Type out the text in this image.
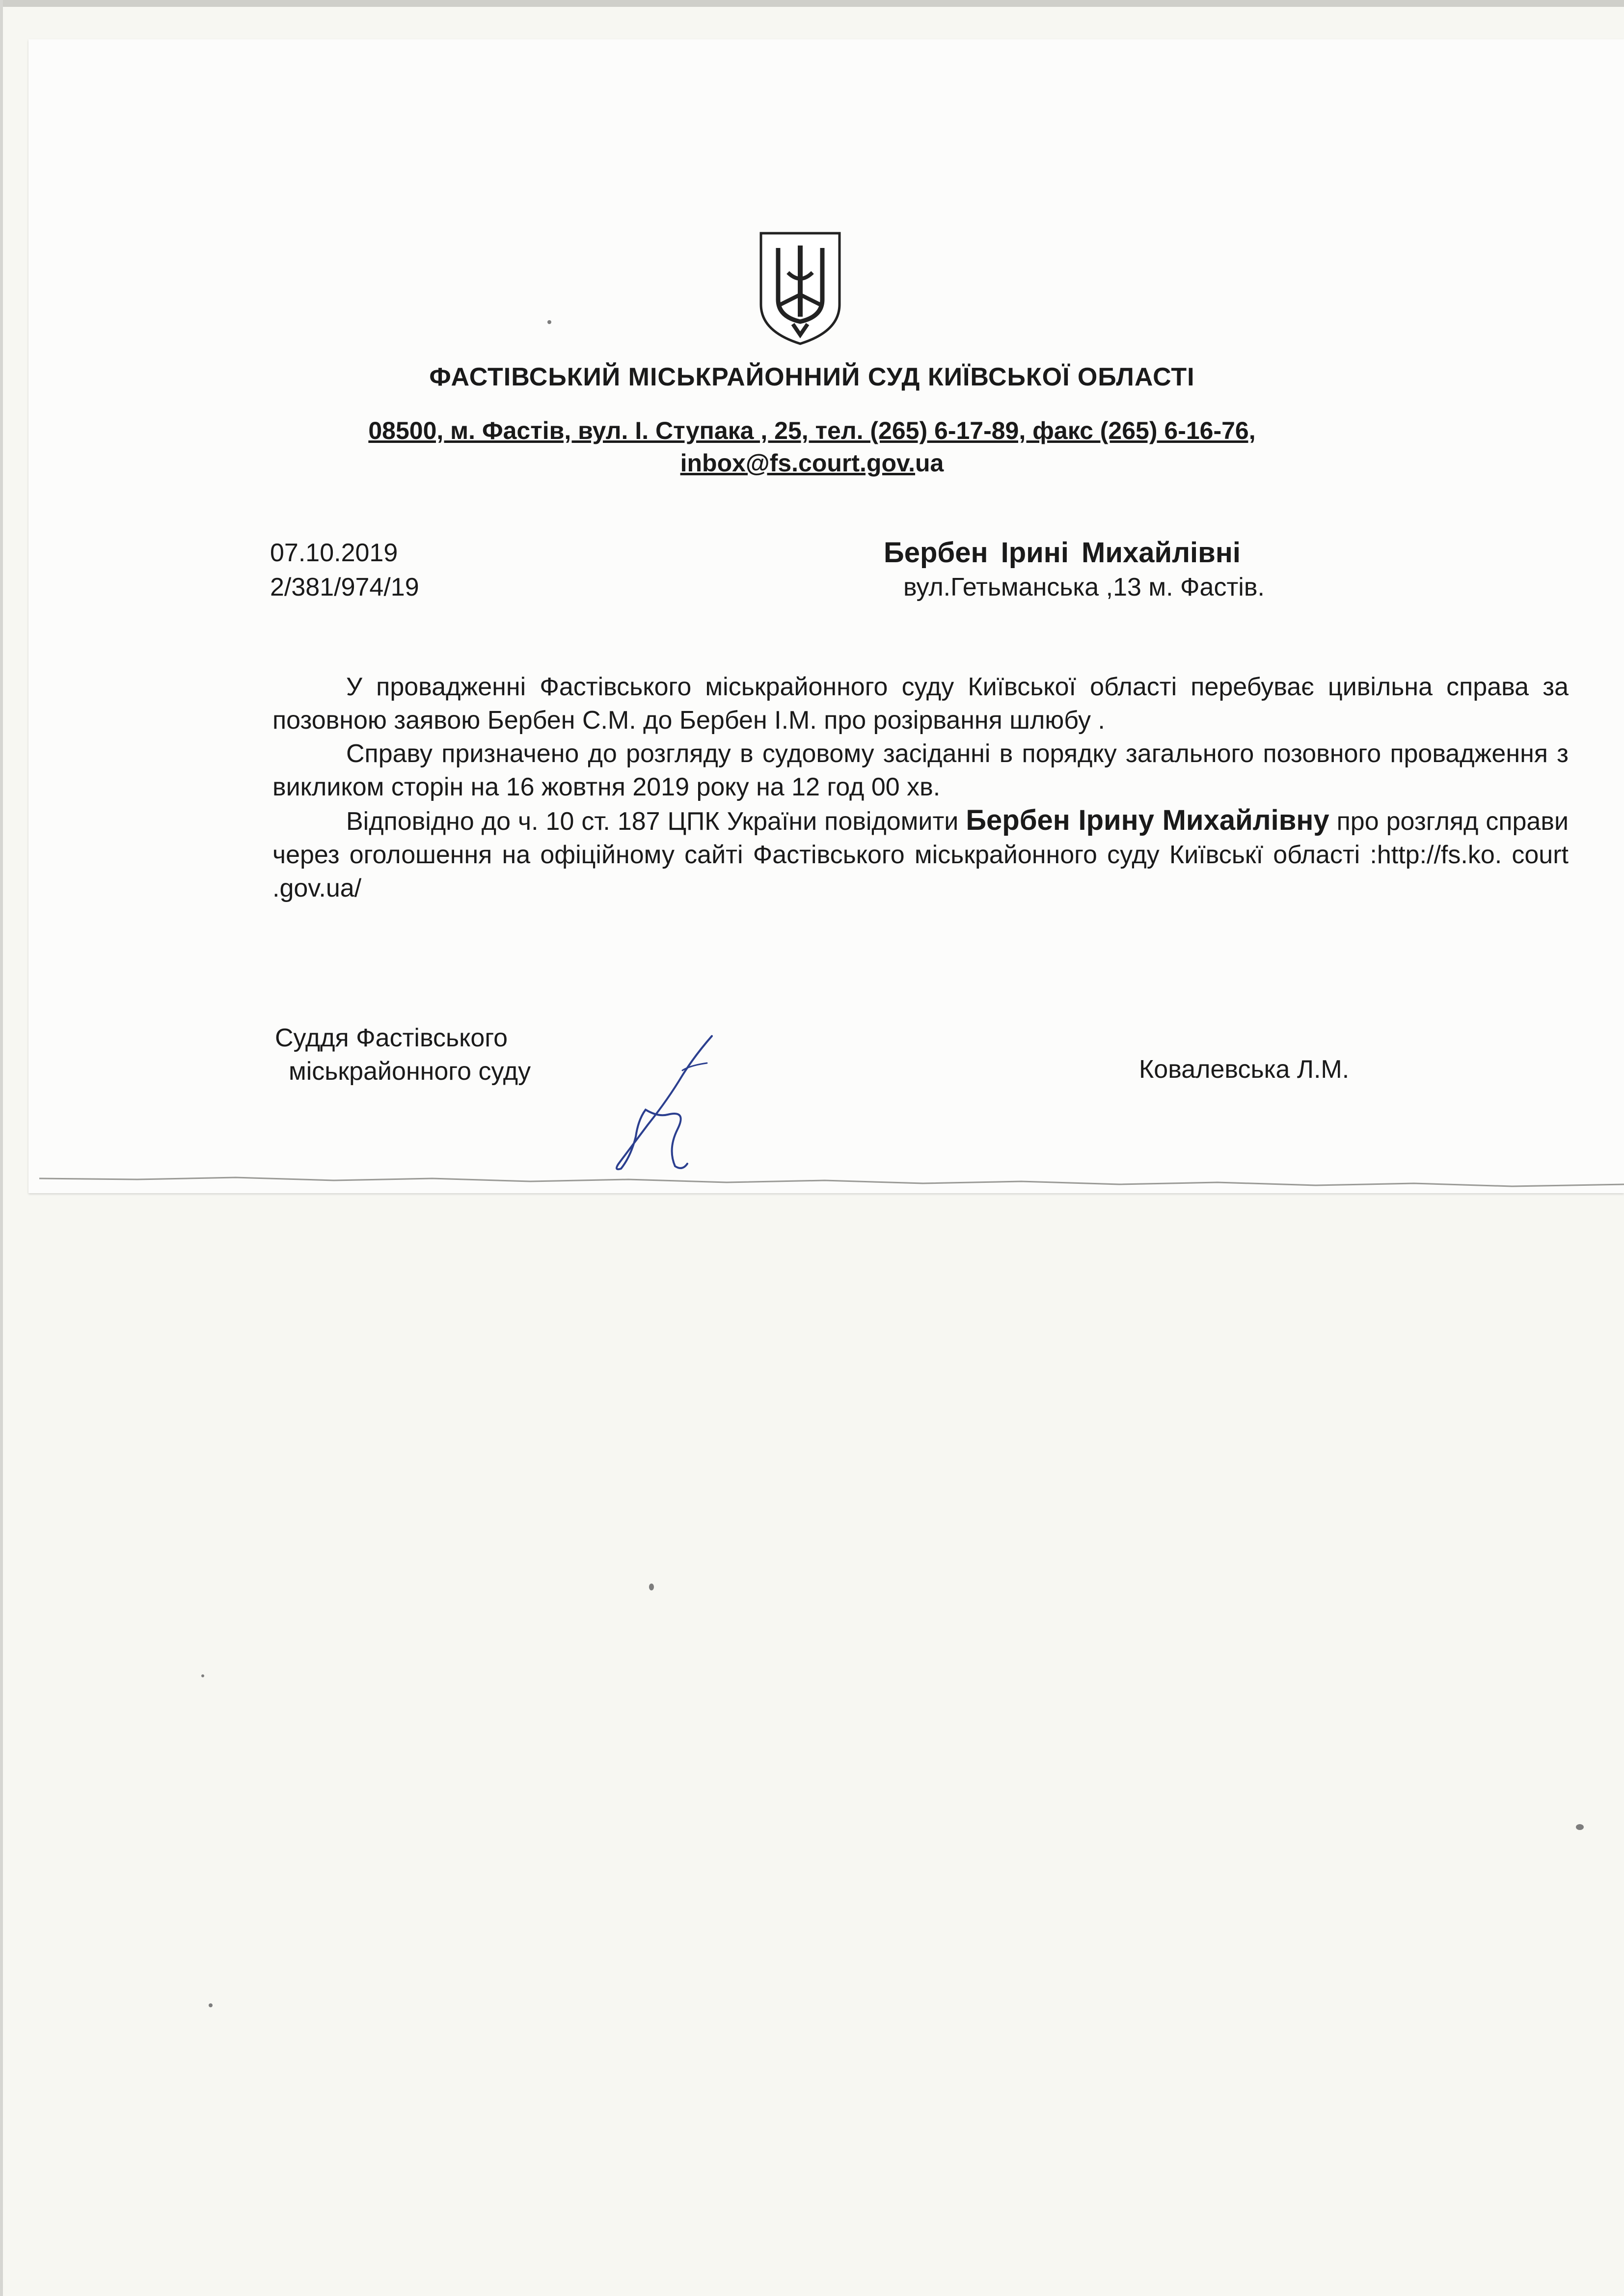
ФАСТІВСЬКИЙ МІСЬКРАЙОННИЙ СУД КИЇВСЬКОЇ ОБЛАСТІ
08500, м. Фастів, вул. І. Ступака , 25, тел. (265) 6-17-89, факс (265) 6-16-76,
inbox@fs.court.gov.ua
07.10.2019
2/381/974/19
Бербен Ірині Михайлівні
вул.Гетьманська ,13 м. Фастів.

У провадженні Фастівського міськрайонного суду Київської області перебуває цивільна справа за позовною заявою Бербен С.М. до Бербен І.М. про розірвання шлюбу .

Справу призначено до розгляду в судовому засіданні в порядку загального позовного провадження з викликом сторін на 16 жовтня 2019 року на 12 год 00 хв.

Відповідно до ч. 10 ст. 187 ЦПК України повідомити Бербен Ірину Михайлівну про розгляд справи через оголошення на офіційному сайті Фастівського міськрайонного суду Київськї області :http://fs.ko. court .gov.ua/

Суддя Фастівського
міськрайонного суду	Ковалевська Л.М.
